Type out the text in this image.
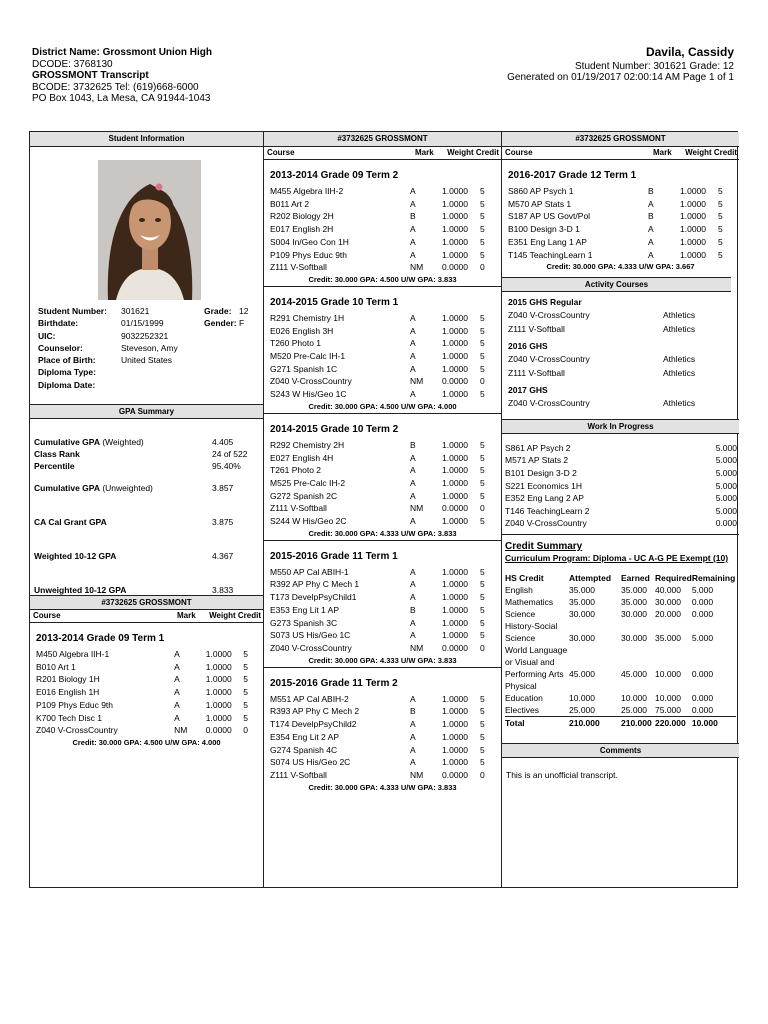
District Name: Grossmont Union High
DCODE: 3768130
GROSSMONT Transcript
BCODE: 3732625 Tel: (619)668-6000
PO Box 1043, La Mesa, CA 91944-1043
Davila, Cassidy
Student Number: 301621 Grade: 12
Generated on 01/19/2017 02:00:14 AM Page 1 of 1
Student Information
Student Number:	301621	Grade: 12
Birthdate:	01/15/1999	Gender: F
UIC:	9032252321
Counselor:	Steveson, Amy
Place of Birth:	United States
Diploma Type:
Diploma Date:
GPA Summary
Cumulative GPA (Weighted)	4.405
Class Rank	24 of 522
Percentile	95.40%
Cumulative GPA (Unweighted)	3.857
CA Cal Grant GPA	3.875
Weighted 10-12 GPA	4.367
Unweighted 10-12 GPA	3.833
#3732625 GROSSMONT
Course	Mark	Weight Credit
2013-2014 Grade 09 Term 1
M450 Algebra IIH-1	A	1.0000	5
B010 Art 1	A	1.0000	5
R201 Biology 1H	A	1.0000	5
E016 English 1H	A	1.0000	5
P109 Phys Educ 9th	A	1.0000	5
K700 Tech Disc 1	A	1.0000	5
Z040 V-CrossCountry	NM	0.0000	0
Credit: 30.000 GPA: 4.500 U/W GPA: 4.000
#3732625 GROSSMONT
Course	Mark	Weight Credit
2013-2014 Grade 09 Term 2
M455 Algebra IIH-2	A	1.0000	5
B011 Art 2	A	1.0000	5
R202 Biology 2H	B	1.0000	5
E017 English 2H	A	1.0000	5
S004 In/Geo Con 1H	A	1.0000	5
P109 Phys Educ 9th	A	1.0000	5
Z111 V-Softball	NM	0.0000	0
Credit: 30.000 GPA: 4.500 U/W GPA: 3.833
2014-2015 Grade 10 Term 1
R291 Chemistry 1H	A	1.0000	5
E026 English 3H	A	1.0000	5
T260 Photo 1	A	1.0000	5
M520 Pre-Calc IH-1	A	1.0000	5
G271 Spanish 1C	A	1.0000	5
Z040 V-CrossCountry	NM	0.0000	0
S243 W His/Geo 1C	A	1.0000	5
Credit: 30.000 GPA: 4.500 U/W GPA: 4.000
2014-2015 Grade 10 Term 2
R292 Chemistry 2H	B	1.0000	5
E027 English 4H	A	1.0000	5
T261 Photo 2	A	1.0000	5
M525 Pre-Calc IH-2	A	1.0000	5
G272 Spanish 2C	A	1.0000	5
Z111 V-Softball	NM	0.0000	0
S244 W His/Geo 2C	A	1.0000	5
Credit: 30.000 GPA: 4.333 U/W GPA: 3.833
2015-2016 Grade 11 Term 1
M550 AP Cal ABIH-1	A	1.0000	5
R392 AP Phy C Mech 1	A	1.0000	5
T173 DevelpPsyChild1	A	1.0000	5
E353 Eng Lit 1 AP	B	1.0000	5
G273 Spanish 3C	A	1.0000	5
S073 US His/Geo 1C	A	1.0000	5
Z040 V-CrossCountry	NM	0.0000	0
Credit: 30.000 GPA: 4.333 U/W GPA: 3.833
2015-2016 Grade 11 Term 2
M551 AP Cal ABIH-2	A	1.0000	5
R393 AP Phy C Mech 2	B	1.0000	5
T174 DevelpPsyChild2	A	1.0000	5
E354 Eng Lit 2 AP	A	1.0000	5
G274 Spanish 4C	A	1.0000	5
S074 US His/Geo 2C	A	1.0000	5
Z111 V-Softball	NM	0.0000	0
Credit: 30.000 GPA: 4.333 U/W GPA: 3.833
#3732625 GROSSMONT
Course	Mark	Weight Credit
2016-2017 Grade 12 Term 1
S860 AP Psych 1	B	1.0000	5
M570 AP Stats 1	A	1.0000	5
S187 AP US Govt/Pol	B	1.0000	5
B100 Design 3-D 1	A	1.0000	5
E351 Eng Lang 1 AP	A	1.0000	5
T145 TeachingLearn 1	A	1.0000	5
Credit: 30.000 GPA: 4.333 U/W GPA: 3.667
Activity Courses
2015 GHS Regular
Z040 V-CrossCountry	Athletics
Z111 V-Softball	Athletics
2016 GHS
Z040 V-CrossCountry	Athletics
Z111 V-Softball	Athletics
2017 GHS
Z040 V-CrossCountry	Athletics
Work In Progress
S861 AP Psych 2	5.000
M571 AP Stats 2	5.000
B101 Design 3-D 2	5.000
S221 Economics 1H	5.000
E352 Eng Lang 2 AP	5.000
T146 TeachingLearn 2	5.000
Z040 V-CrossCountry	0.000
Credit Summary
Curriculum Program: Diploma - UC A-G PE Exempt (10)
HS Credit	Attempted	Earned	Required	Remaining
English	35.000	35.000	40.000	5.000
Mathematics	35.000	35.000	30.000	0.000
Science	30.000	30.000	20.000	0.000
History-Social Science	30.000	30.000	35.000	5.000
World Language or Visual and Performing Arts	45.000	45.000	10.000	0.000
Physical Education	10.000	10.000	10.000	0.000
Electives	25.000	25.000	75.000	0.000
Total	210.000	210.000	220.000	10.000
Comments
This is an unofficial transcript.
